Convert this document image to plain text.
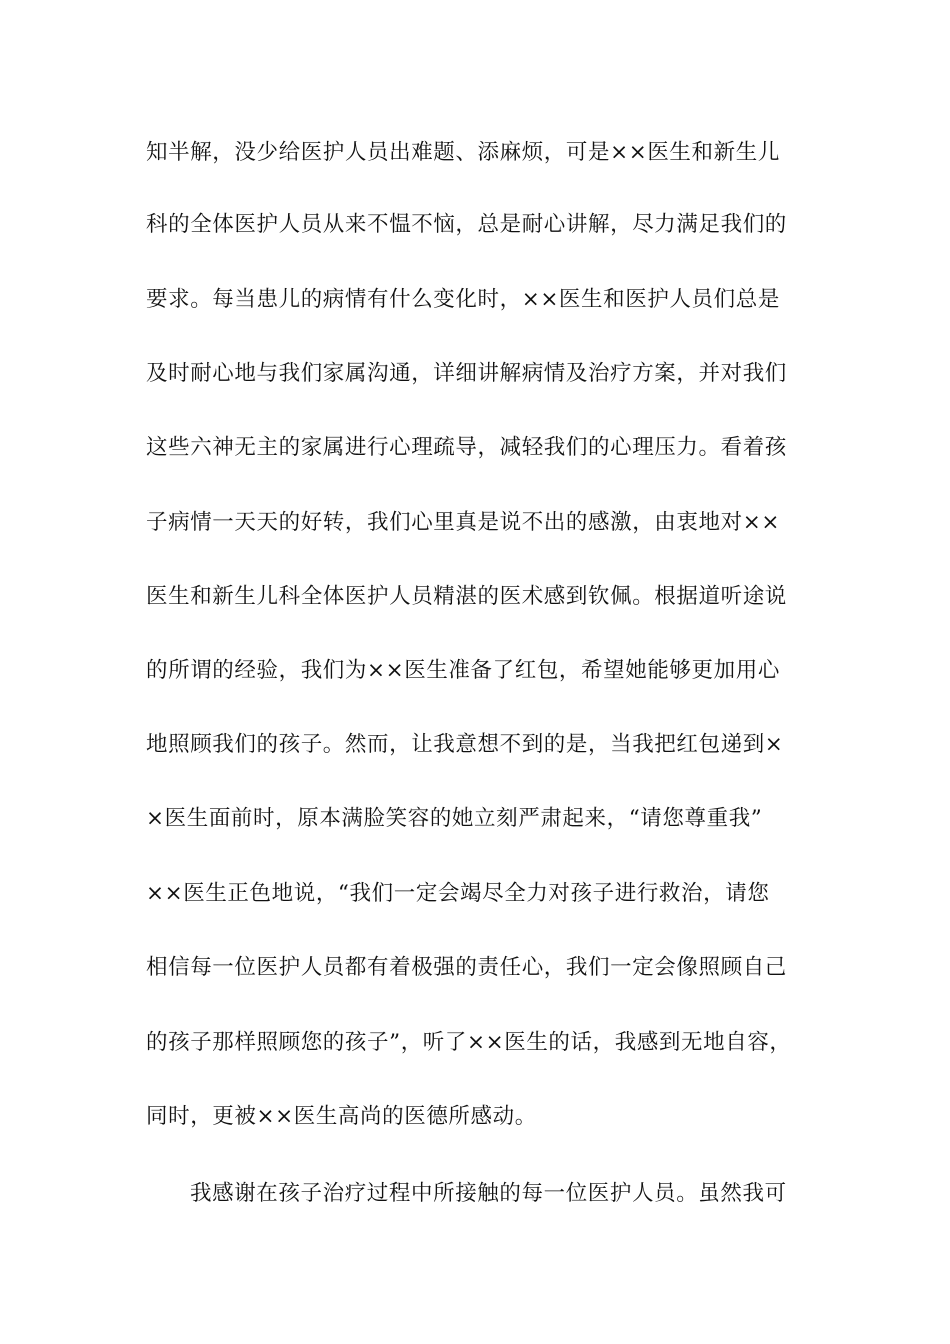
知半解，没少给医护人员出难题、添麻烦，可是××医生和新生儿
科的全体医护人员从来不愠不恼，总是耐心讲解，尽力满足我们的
要求。每当患儿的病情有什么变化时，××医生和医护人员们总是
及时耐心地与我们家属沟通，详细讲解病情及治疗方案，并对我们
这些六神无主的家属进行心理疏导，减轻我们的心理压力。看着孩
子病情一天天的好转，我们心里真是说不出的感激，由衷地对××
医生和新生儿科全体医护人员精湛的医术感到钦佩。根据道听途说
的所谓的经验，我们为××医生准备了红包，希望她能够更加用心
地照顾我们的孩子。然而，让我意想不到的是，当我把红包递到×
×医生面前时，原本满脸笑容的她立刻严肃起来，“请您尊重我”
××医生正色地说，“我们一定会竭尽全力对孩子进行救治，请您
相信每一位医护人员都有着极强的责任心，我们一定会像照顾自己
的孩子那样照顾您的孩子”，听了××医生的话，我感到无地自容，
同时，更被××医生高尚的医德所感动。
我感谢在孩子治疗过程中所接触的每一位医护人员。虽然我可
